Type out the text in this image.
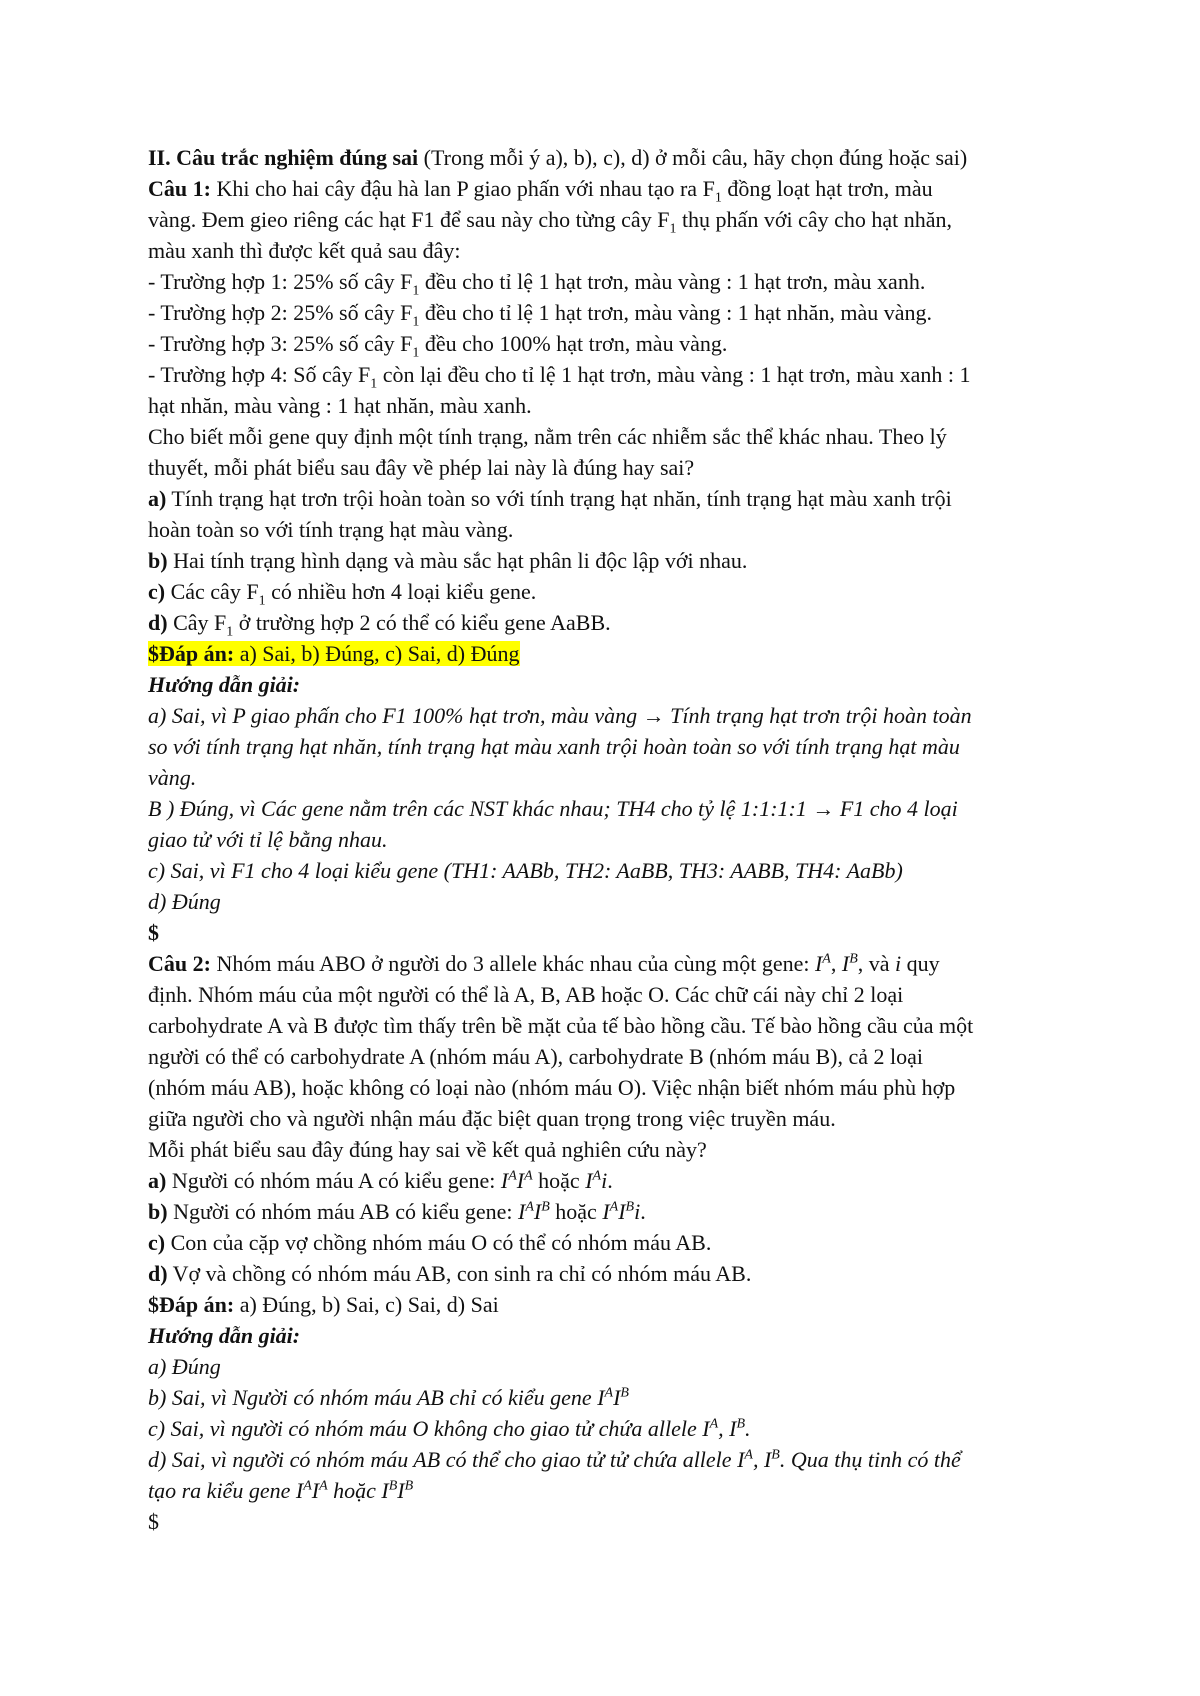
II. Câu trắc nghiệm đúng sai (Trong mỗi ý a), b), c), d) ở mỗi câu, hãy chọn đúng hoặc sai)
Câu 1: Khi cho hai cây đậu hà lan P giao phấn với nhau tạo ra $F_1$ đồng loạt hạt trơn, màu
vàng. Đem gieo riêng các hạt F1 để sau này cho từng cây $F_1$ thụ phấn với cây cho hạt nhăn,
màu xanh thì được kết quả sau đây:
- Trường hợp 1: 25% số cây $F_1$ đều cho tỉ lệ 1 hạt trơn, màu vàng : 1 hạt trơn, màu xanh.
- Trường hợp 2: 25% số cây $F_1$ đều cho tỉ lệ 1 hạt trơn, màu vàng : 1 hạt nhăn, màu vàng.
- Trường hợp 3: 25% số cây $F_1$ đều cho 100% hạt trơn, màu vàng.
- Trường hợp 4: Số cây $F_1$ còn lại đều cho tỉ lệ 1 hạt trơn, màu vàng : 1 hạt trơn, màu xanh : 1
hạt nhăn, màu vàng : 1 hạt nhăn, màu xanh.
Cho biết mỗi gene quy định một tính trạng, nằm trên các nhiễm sắc thể khác nhau. Theo lý
thuyết, mỗi phát biểu sau đây về phép lai này là đúng hay sai?
a) Tính trạng hạt trơn trội hoàn toàn so với tính trạng hạt nhăn, tính trạng hạt màu xanh trội
hoàn toàn so với tính trạng hạt màu vàng.
b) Hai tính trạng hình dạng và màu sắc hạt phân li độc lập với nhau.
c) Các cây $F_1$ có nhiều hơn 4 loại kiểu gene.
d) Cây $F_1$ ở trường hợp 2 có thể có kiểu gene AaBB.
$Đáp án: a) Sai, b) Đúng, c) Sai, d) Đúng
Hướng dẫn giải:
a) Sai, vì P giao phấn cho F1 100% hạt trơn, màu vàng → Tính trạng hạt trơn trội hoàn toàn
so với tính trạng hạt nhăn, tính trạng hạt màu xanh trội hoàn toàn so với tính trạng hạt màu
vàng.
B ) Đúng, vì Các gene nằm trên các NST khác nhau; TH4 cho tỷ lệ 1:1:1:1 → F1 cho 4 loại
giao tử với tỉ lệ bằng nhau.
c) Sai, vì F1 cho 4 loại kiểu gene (TH1: AABb, TH2: AaBB, TH3: AABB, TH4: AaBb)
d) Đúng
$
Câu 2: Nhóm máu ABO ở người do 3 allele khác nhau của cùng một gene: $I^A$, $I^B$, và i quy
định. Nhóm máu của một người có thể là A, B, AB hoặc O. Các chữ cái này chỉ 2 loại
carbohydrate A và B được tìm thấy trên bề mặt của tế bào hồng cầu. Tế bào hồng cầu của một
người có thể có carbohydrate A (nhóm máu A), carbohydrate B (nhóm máu B), cả 2 loại
(nhóm máu AB), hoặc không có loại nào (nhóm máu O). Việc nhận biết nhóm máu phù hợp
giữa người cho và người nhận máu đặc biệt quan trọng trong việc truyền máu.
Mỗi phát biểu sau đây đúng hay sai về kết quả nghiên cứu này?
a) Người có nhóm máu A có kiểu gene: $I^AI^A$ hoặc $I^Ai$.
b) Người có nhóm máu AB có kiểu gene: $I^AI^B$ hoặc $I^AI^Bi$.
c) Con của cặp vợ chồng nhóm máu O có thể có nhóm máu AB.
d) Vợ và chồng có nhóm máu AB, con sinh ra chỉ có nhóm máu AB.
$Đáp án: a) Đúng, b) Sai, c) Sai, d) Sai
Hướng dẫn giải:
a) Đúng
b) Sai, vì Người có nhóm máu AB chỉ có kiểu gene $I^AI^B$
c) Sai, vì người có nhóm máu O không cho giao tử chứa allele $I^A$, $I^B$.
d) Sai, vì người có nhóm máu AB có thể cho giao tử tử chứa allele $I^A$, $I^B$. Qua thụ tinh có thể
tạo ra kiểu gene $I^AI^A$ hoặc $I^BI^B$
$
